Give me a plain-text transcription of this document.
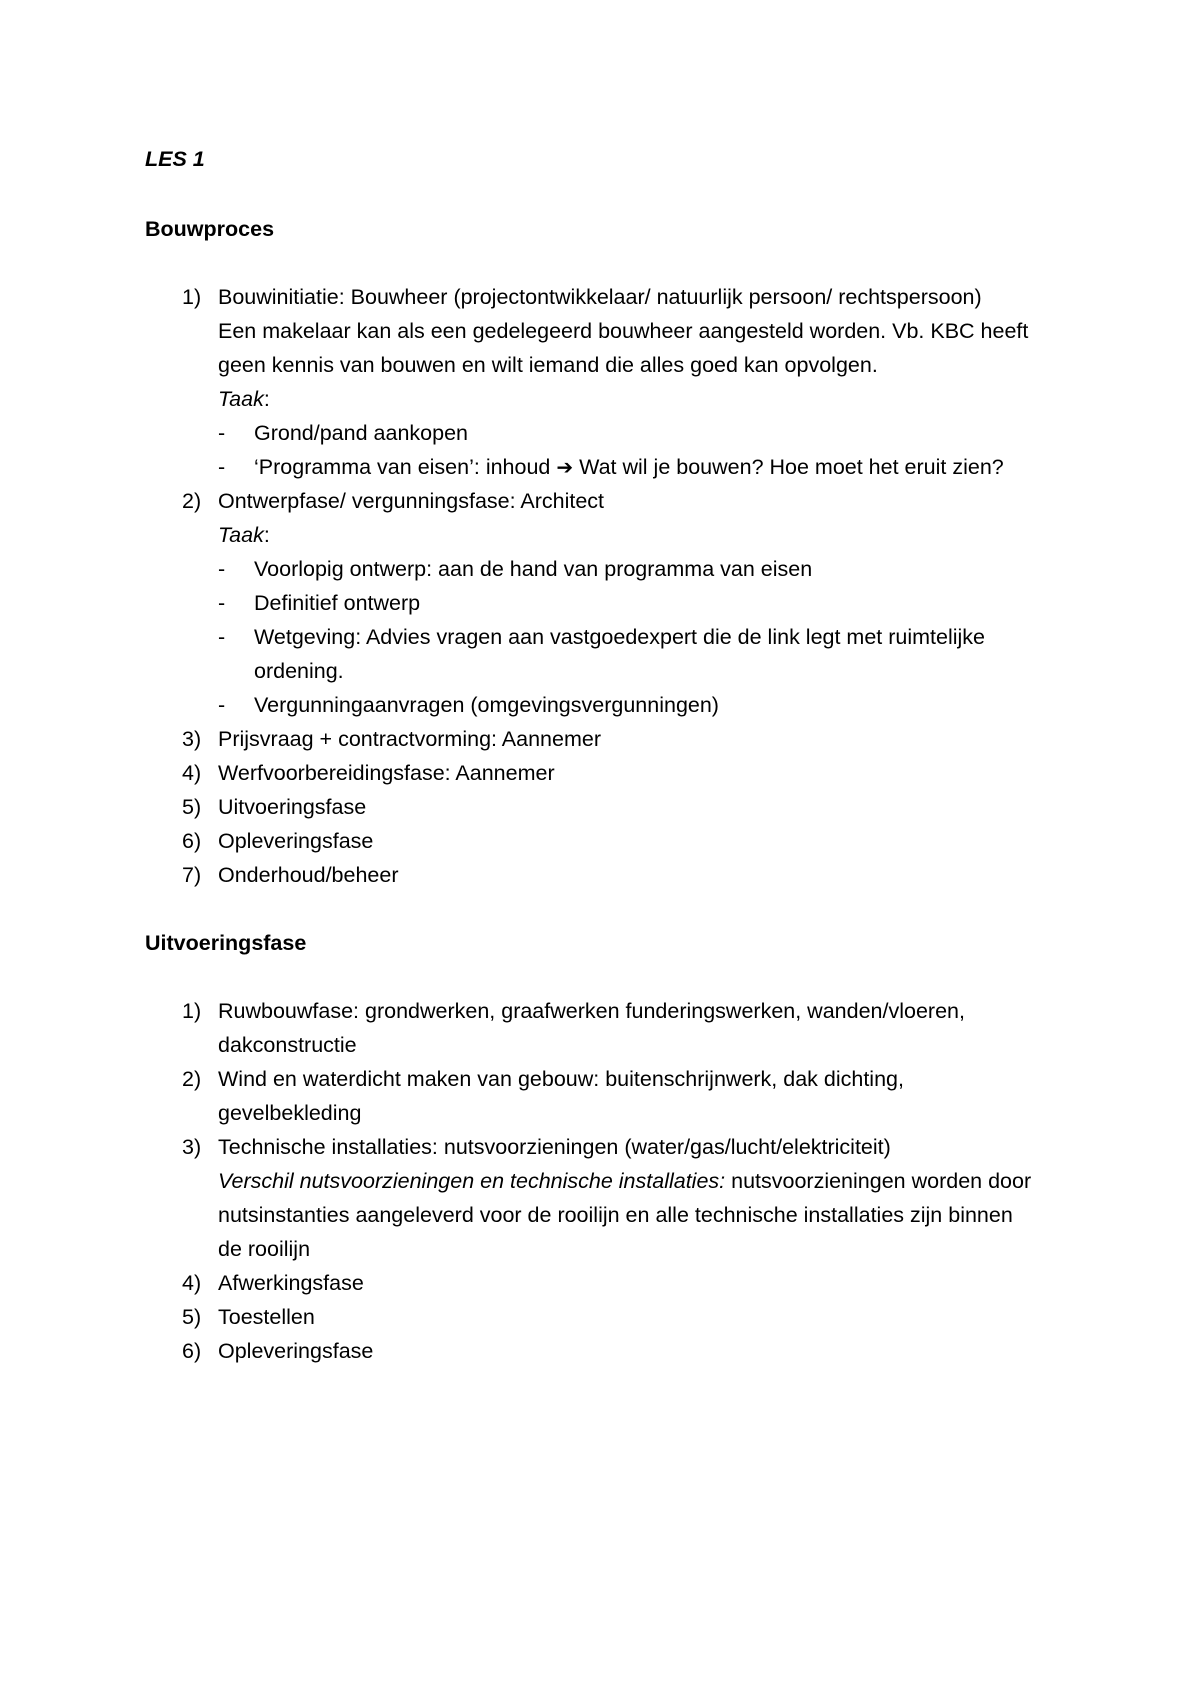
LES 1
Bouwproces
1) Bouwinitiatie: Bouwheer (projectontwikkelaar/ natuurlijk persoon/ rechtspersoon)
Een makelaar kan als een gedelegeerd bouwheer aangesteld worden. Vb. KBC heeft
geen kennis van bouwen en wilt iemand die alles goed kan opvolgen.
Taak:
- Grond/pand aankopen
- ‘Programma van eisen’: inhoud ➔ Wat wil je bouwen? Hoe moet het eruit zien?
2) Ontwerpfase/ vergunningsfase: Architect
Taak:
- Voorlopig ontwerp: aan de hand van programma van eisen
- Definitief ontwerp
- Wetgeving: Advies vragen aan vastgoedexpert die de link legt met ruimtelijke
ordening.
- Vergunningaanvragen (omgevingsvergunningen)
3) Prijsvraag + contractvorming: Aannemer
4) Werfvoorbereidingsfase: Aannemer
5) Uitvoeringsfase
6) Opleveringsfase
7) Onderhoud/beheer
Uitvoeringsfase
1) Ruwbouwfase: grondwerken, graafwerken funderingswerken, wanden/vloeren,
dakconstructie
2) Wind en waterdicht maken van gebouw: buitenschrijnwerk, dak dichting,
gevelbekleding
3) Technische installaties: nutsvoorzieningen (water/gas/lucht/elektriciteit)
Verschil nutsvoorzieningen en technische installaties: nutsvoorzieningen worden door
nutsinstanties aangeleverd voor de rooilijn en alle technische installaties zijn binnen
de rooilijn
4) Afwerkingsfase
5) Toestellen
6) Opleveringsfase
